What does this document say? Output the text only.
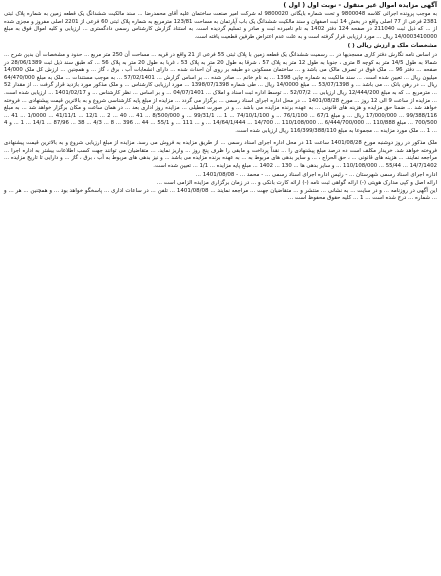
آگهی مزایده اموال غیر منقول - نوبت اول ( اول )

به موجب پرونده اجرائی کلاسه 9800048 و تحت شماره بایگانی 9800020 له شرکت امیر صنعت ساختمان علیه آقای محمدرضا ... سند مالکیت ششدانگ یک قطعه زمین به شماره پلاک ثبتی 2381 فرعی از 77 اصلی واقع در بخش 14 ثبت اصفهان و سند مالکیت ششدانگ یک باب آپارتمان به مساحت 123/81 مترمربع به شماره پلاک ثبتی 60 فرعی از 2201 اصلی مفروز و مجزی شده از ... که ذیل ثبت 211040 در صفحه 124 دفتر 1402 به نام نامبرده ثبت و صادر و تسلیم گردیده است. به استناد گزارش کارشناس رسمی دادگستری ... ارزیابی و کلیه اموال فوق به مبلغ 14/0003410000 ریال ... مورد ارزیابی قرار گرفته است و به علت عدم اعتراض طرفین قطعیت یافته است.

مشخصات ملک و ارزش ریالی ( )

در اساس نامه نگارش دفتر کاری مسجدیها در ... رسمیت ششدانگ یک قطعه زمین با پلاک ثبتی 55 فرعی از 21 واقع در قریه ... مساحت آن 250 متر مربع ... حدود و مشخصات آن بدین شرح ... شمالا به طول 14/5 متر به کوچه 8 متری ، جنوبا به طول 12 متر به پلاک 57 ، شرقا به طول 20 متر به پلاک 53 ، غربا به طول 20 متر به پلاک 56 ... که طبق سند ذیل ثبت 28/06/1389 در صفحه ... دفتر 96 ... ملک فوق در تصرف مالک می باشد و ... ساختمان مسکونی دو طبقه بر روی آن احداث شده ... دارای انشعابات آب ، برق ، گاز ... و همچنین ... ارزش کل ملک 14/000 میلیون ریال ... تعیین شده است. ... سند مالکیت به شماره چاپی 1398 ... به نام خانم ... صادر شده ... بر اساس گزارش ... 57/02/1401 ... به موجب مستندات ... ملک به مبلغ 64/470/000 ریال ... در رهن بانک ... می باشد ... و 53/07/1398 ... مبلغ 14/0000 ریال ... طی شماره 1398/07/1398 ... مورد ارزیابی کارشناس ... و ملک مذکور مورد بازدید قرار گرفت ... از مقدار 52 ... مترمربع ... که به مبلغ 12/444/200 ریال ارزیابی ... 52/07/2 ... توسط اداره ثبت اسناد و املاک ... 04/07/1401 ... و بر اساس ... نظر کارشناس ... و 1401/02/17 ... ارزیابی شده است. ... مزایده از ساعت 9 الی 12 روز ... مورخ 1401/08/28 ... در محل اداره اجرای اسناد رسمی ... برگزار می گردد ... مزایده از مبلغ پایه کارشناسی شروع و به بالاترین قیمت پیشنهادی ... فروخته خواهد شد ... ضمنا حق مزایده و هزینه های قانونی ... به عهده برنده مزایده می باشد ... و در صورت تعطیلی ... مزایده روز اداری بعد ... در همان ساعت و مکان برگزار خواهد شد ... به مبلغ 99/388/116 ... 17/000/000 ریال ... و مبلغ 67/1 ... 76/1/100 ... و 74/10/1/100 ... 1 ... 99/31/1 ... و 8/500/000 ... 41 ... 40 ... 2 ... 12/1 ... 41/11/1 ... 1/0000 ... 41 ... 700/500 ... مبلغ 110/888 ... 6/444/700/000 ... 110/108/000 ... 14/700 ... 14/64/1/444 ... و ... 111 ... و 55/1 ... 44 ... 396 ... 8 ... 4/3 ... 38 ... 87/96 ... 14/1 ... 1 ... و 4 ... 1 ... ملک مورد مزایده ... مجموعا به مبلغ 116/399/388/110 ریال ارزیابی شده است.

ملک مذکور در روز دوشنبه مورخ 1401/08/28 ساعت 11 در محل اداره اجرای اسناد رسمی ... از طریق مزایده به فروش می رسد. مزایده از مبلغ ارزیابی شروع و به بالاترین قیمت پیشنهادی فروخته خواهد شد. خریدار مکلف است ده درصد مبلغ پیشنهادی را ... نقداً پرداخت و مابقی را ظرف پنج روز ... واریز نماید. ... متقاضیان می توانند جهت کسب اطلاعات بیشتر به اداره اجرا ... مراجعه نمایند. ... هزینه های قانونی ... ، حق الحراج ، ... و سایر بدهی های مربوط به ... به عهده برنده مزایده می باشد ... و نیز بدهی های مربوط به آب ، برق ، گاز ... و دارایی تا تاریخ مزایده ... 14/7/1402 ... 55/44 ... 110/108/000 ... و سایر بدهی ها ... 130 ... 1402 ... مبلغ پایه مزایده ... 1/1 ... تعیین شده است.

اداره اجرای اسناد رسمی شهرستان ... - رئیس اداره اجرای اسناد رسمی ... - محمد ... - 1401/08/08 ...

ارائه اصل و کپی مدارک هویتی (-) ارائه گواهی ثبت نامه (-) ارائه کارت بانکی و ... در زمان برگزاری مزایده الزامی است ...

این آگهی در روزنامه ... و در سایت ... به نشانی ... منتشر و ... متقاضیان جهت ... مراجعه نمایند ... 1401/08/08 ... تلفن ... در ساعات اداری ... پاسخگو خواهد بود ... و همچنین ... هر ... و ... شماره ... درج شده است ... 1 ... کلیه حقوق محفوظ است ...
